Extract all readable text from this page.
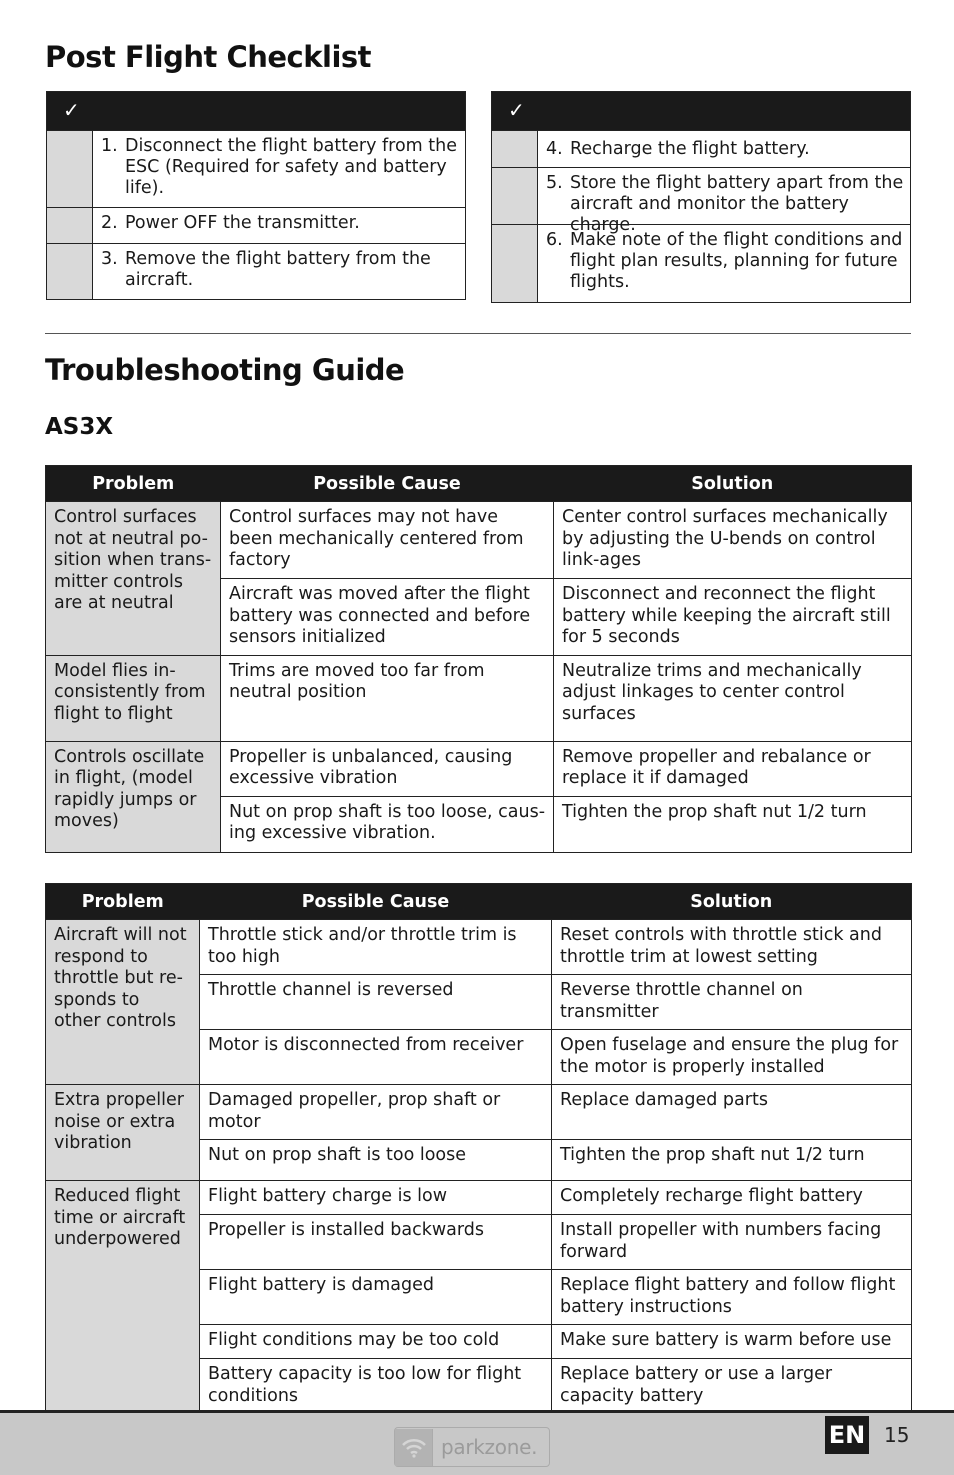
Post Flight Checklist
✓
1. Disconnect the flight battery from the ESC (Required for safety and battery life).
2. Power OFF the transmitter.
3. Remove the flight battery from the aircraft.
✓
4. Recharge the flight battery.
5. Store the flight battery apart from the aircraft and monitor the battery charge.
6. Make note of the flight conditions and flight plan results, planning for future flights.
Troubleshooting Guide
AS3X
Problem	Possible Cause	Solution
Control surfaces not at neutral po-sition when trans-mitter controls are at neutral	Control surfaces may not have been mechanically centered from factory	Center control surfaces mechanically by adjusting the U-bends on control link-ages
	Aircraft was moved after the flight battery was connected and before sensors initialized	Disconnect and reconnect the flight battery while keeping the aircraft still for 5 seconds
Model flies in-consistently from flight to flight	Trims are moved too far from neutral position	Neutralize trims and mechanically adjust linkages to center control surfaces
Controls oscillate in flight, (model rapidly jumps or moves)	Propeller is unbalanced, causing excessive vibration	Remove propeller and rebalance or replace it if damaged
	Nut on prop shaft is too loose, caus-ing excessive vibration.	Tighten the prop shaft nut 1/2 turn
Problem	Possible Cause	Solution
Aircraft will not respond to throttle but re-sponds to other controls	Throttle stick and/or throttle trim is too high	Reset controls with throttle stick and throttle trim at lowest setting
	Throttle channel is reversed	Reverse throttle channel on transmitter
	Motor is disconnected from receiver	Open fuselage and ensure the plug for the motor is properly installed
Extra propeller noise or extra vibration	Damaged propeller, prop shaft or motor	Replace damaged parts
	Nut on prop shaft is too loose	Tighten the prop shaft nut 1/2 turn
Reduced flight time or aircraft underpowered	Flight battery charge is low	Completely recharge flight battery
	Propeller is installed backwards	Install propeller with numbers facing forward
	Flight battery is damaged	Replace flight battery and follow flight battery instructions
	Flight conditions may be too cold	Make sure battery is warm before use
	Battery capacity is too low for flight conditions	Replace battery or use a larger capacity battery
parkzone.	EN 15
